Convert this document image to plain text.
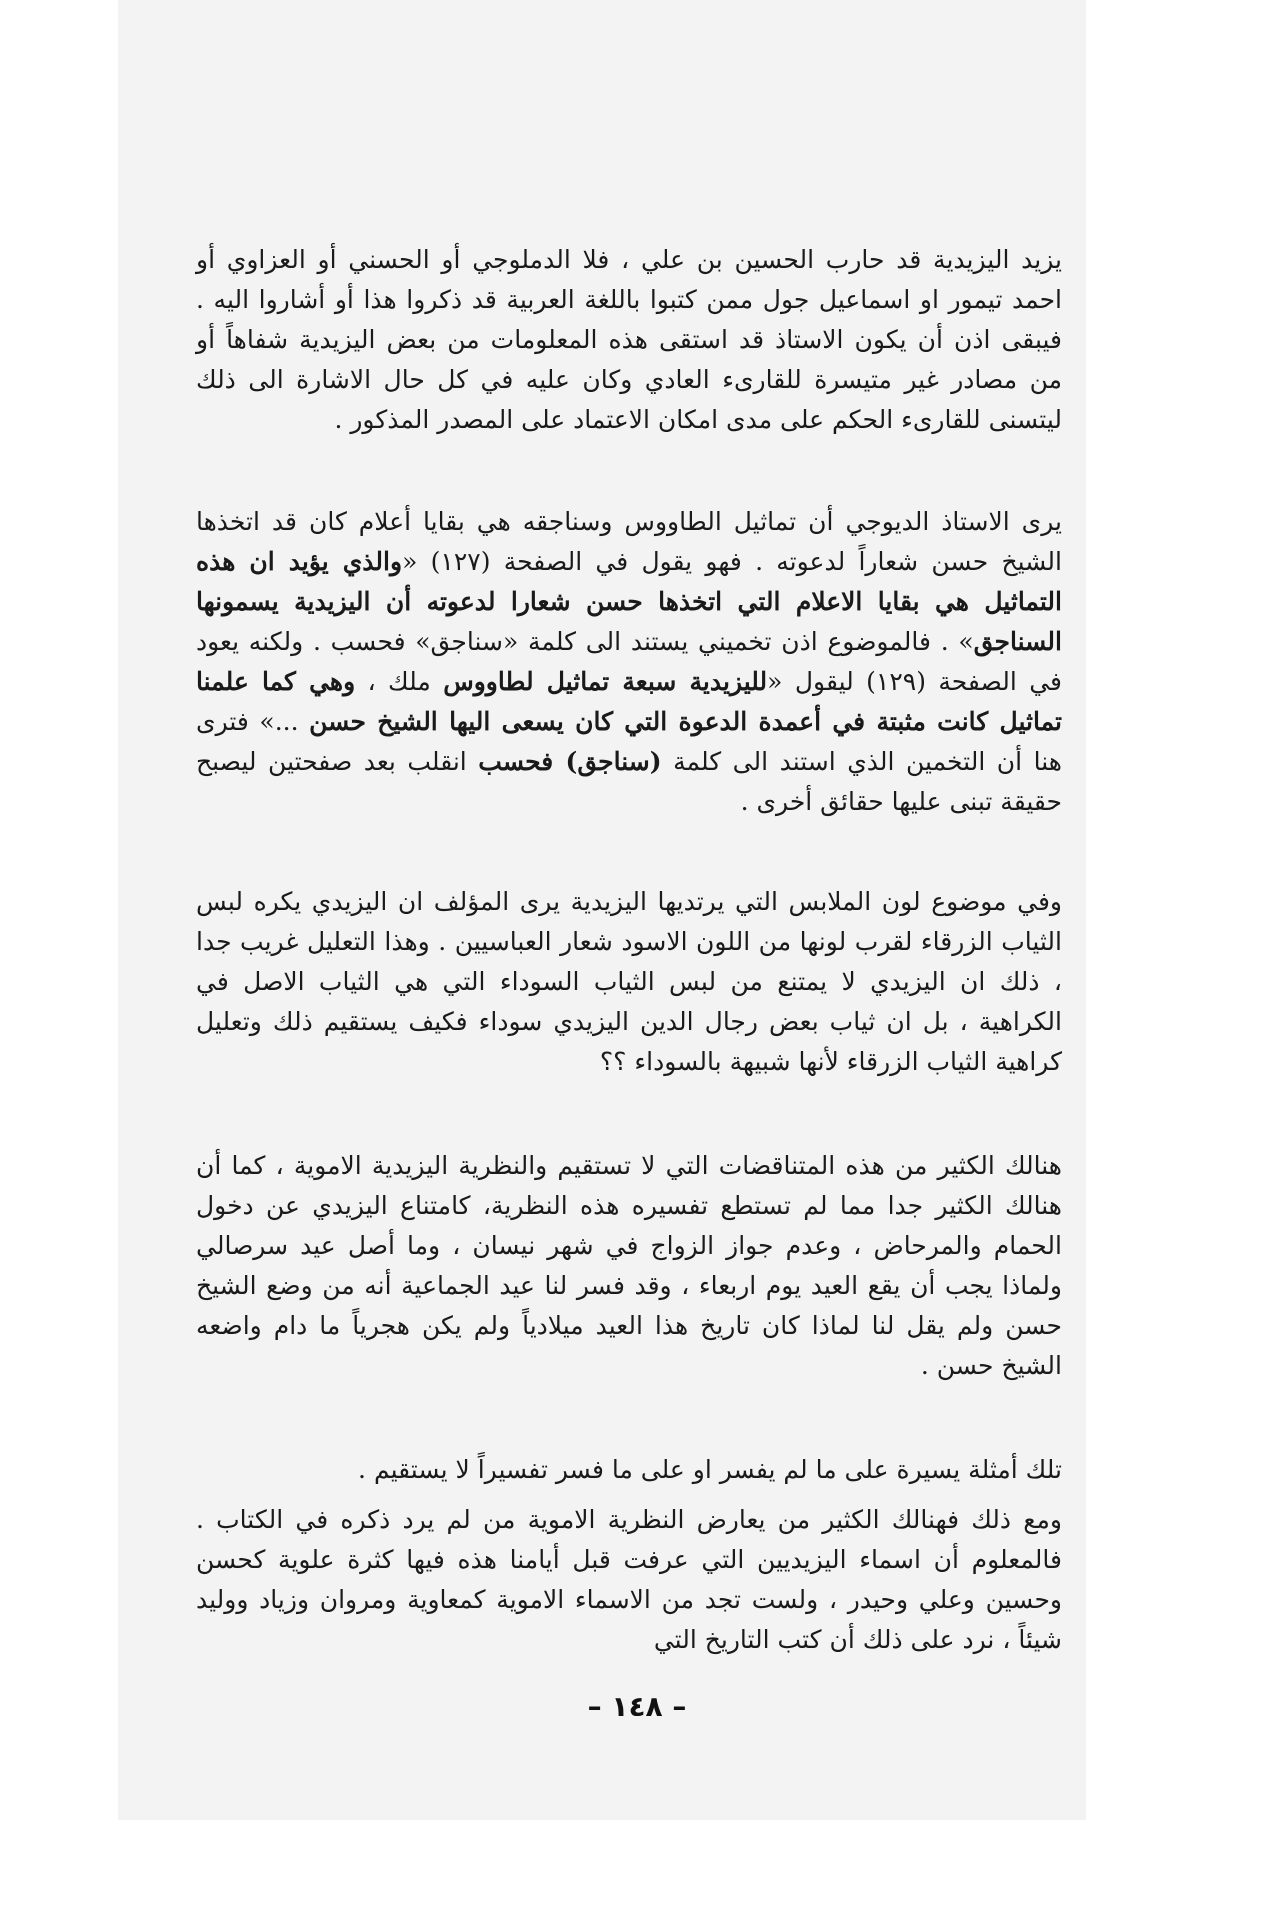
يزيد اليزيدية قد حارب الحسين بن علي ، فلا الدملوجي أو الحسني أو العزاوي أو احمد تيمور او اسماعيل جول ممن كتبوا باللغة العربية قد ذكروا هذا أو أشاروا اليه . فيبقى اذن أن يكون الاستاذ قد استقى هذه المعلومات من بعض اليزيدية شفاهاً أو من مصادر غير متيسرة للقارىء العادي وكان عليه في كل حال الاشارة الى ذلك ليتسنى للقارىء الحكم على مدى امكان الاعتماد على المصدر المذكور .

يرى الاستاذ الديوجي أن تماثيل الطاووس وسناجقه هي بقايا أعلام كان قد اتخذها الشيخ حسن شعاراً لدعوته . فهو يقول في الصفحة (١٢٧) «والذي يؤيد ان هذه التماثيل هي بقايا الاعلام التي اتخذها حسن شعارا لدعوته أن اليزيدية يسمونها السناجق» . فالموضوع اذن تخميني يستند الى كلمة «سناجق» فحسب . ولكنه يعود في الصفحة (١٢٩) ليقول «لليزيدية سبعة تماثيل لطاووس ملك ، وهي كما علمنا تماثيل كانت مثبتة في أعمدة الدعوة التي كان يسعى اليها الشيخ حسن ...» فترى هنا أن التخمين الذي استند الى كلمة (سناجق) فحسب انقلب بعد صفحتين ليصبح حقيقة تبنى عليها حقائق أخرى .

وفي موضوع لون الملابس التي يرتديها اليزيدية يرى المؤلف ان اليزيدي يكره لبس الثياب الزرقاء لقرب لونها من اللون الاسود شعار العباسيين . وهذا التعليل غريب جدا ، ذلك ان اليزيدي لا يمتنع من لبس الثياب السوداء التي هي الثياب الاصل في الكراهية ، بل ان ثياب بعض رجال الدين اليزيدي سوداء فكيف يستقيم ذلك وتعليل كراهية الثياب الزرقاء لأنها شبيهة بالسوداء ؟؟

هنالك الكثير من هذه المتناقضات التي لا تستقيم والنظرية اليزيدية الاموية ، كما أن هنالك الكثير جدا مما لم تستطع تفسيره هذه النظرية، كامتناع اليزيدي عن دخول الحمام والمرحاض ، وعدم جواز الزواج في شهر نيسان ، وما أصل عيد سرصالي ولماذا يجب أن يقع العيد يوم اربعاء ، وقد فسر لنا عيد الجماعية أنه من وضع الشيخ حسن ولم يقل لنا لماذا كان تاريخ هذا العيد ميلادياً ولم يكن هجرياً ما دام واضعه الشيخ حسن .

تلك أمثلة يسيرة على ما لم يفسر او على ما فسر تفسيراً لا يستقيم .

ومع ذلك فهنالك الكثير من يعارض النظرية الاموية من لم يرد ذكره في الكتاب . فالمعلوم أن اسماء اليزيديين التي عرفت قبل أيامنا هذه فيها كثرة علوية كحسن وحسين وعلي وحيدر ، ولست تجد من الاسماء الاموية كمعاوية ومروان وزياد ووليد شيئاً ، نرد على ذلك أن كتب التاريخ التي

– ١٤٨ –
